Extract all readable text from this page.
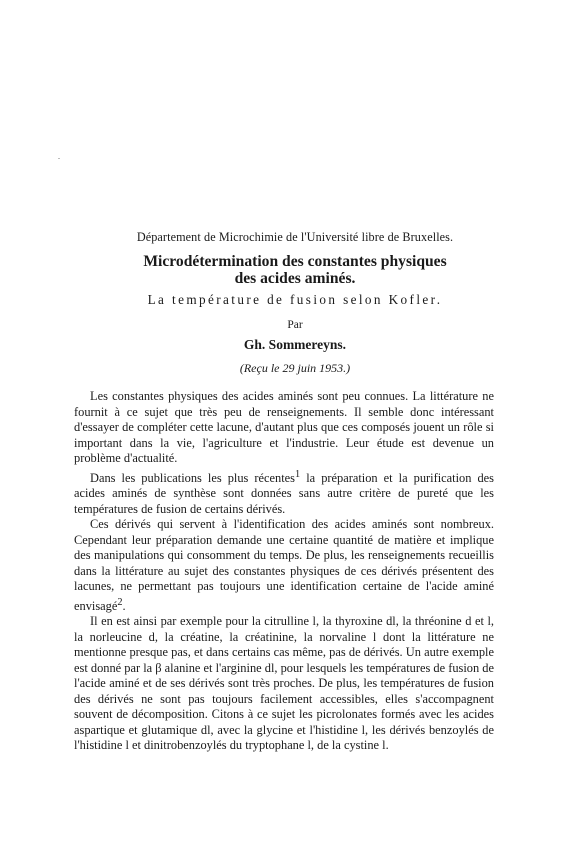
Département de Microchimie de l'Université libre de Bruxelles.
Microdétermination des constantes physiques
des acides aminés.
La température de fusion selon Kofler.
Par
Gh. Sommereyns.
(Reçu le 29 juin 1953.)

Les constantes physiques des acides aminés sont peu connues. La littérature ne fournit à ce sujet que très peu de renseignements. Il semble donc intéressant d'essayer de compléter cette lacune, d'autant plus que ces composés jouent un rôle si important dans la vie, l'agriculture et l'industrie. Leur étude est devenue un problème d'actualité.

Dans les publications les plus récentes$^1$ la préparation et la purification des acides aminés de synthèse sont données sans autre critère de pureté que les températures de fusion de certains dérivés.

Ces dérivés qui servent à l'identification des acides aminés sont nombreux. Cependant leur préparation demande une certaine quantité de matière et implique des manipulations qui consomment du temps. De plus, les renseignements recueillis dans la littérature au sujet des constantes physiques de ces dérivés présentent des lacunes, ne permettant pas toujours une identification certaine de l'acide aminé envisagé$^2$.

Il en est ainsi par exemple pour la citrulline l, la thyroxine dl, la thréonine d et l, la norleucine d, la créatine, la créatinine, la norvaline l dont la littérature ne mentionne presque pas, et dans certains cas même, pas de dérivés. Un autre exemple est donné par la β alanine et l'arginine dl, pour lesquels les températures de fusion de l'acide aminé et de ses dérivés sont très proches. De plus, les températures de fusion des dérivés ne sont pas toujours facilement accessibles, elles s'accompagnent souvent de décomposition. Citons à ce sujet les picrolonates formés avec les acides aspartique et glutamique dl, avec la glycine et l'histidine l, les dérivés benzoylés de l'histidine l et dinitrobenzoylés du tryptophane l, de la cystine l.
